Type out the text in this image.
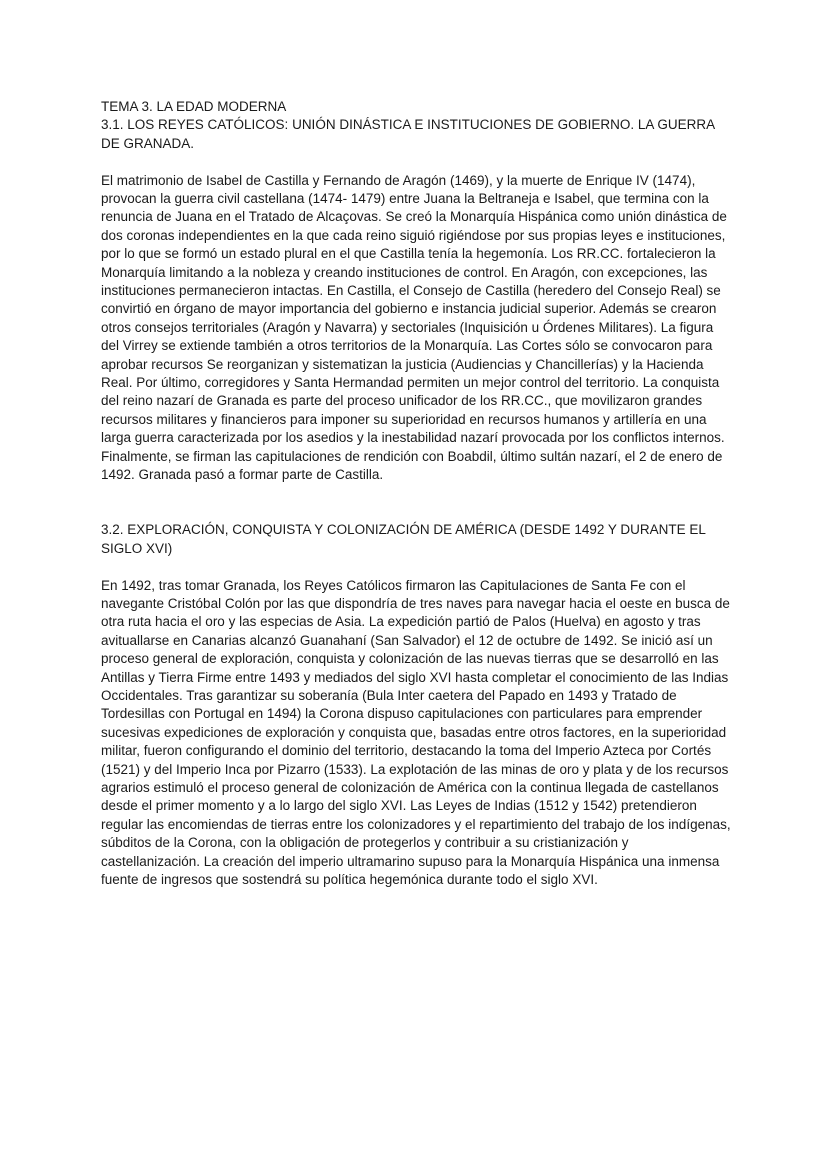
TEMA 3. LA EDAD MODERNA
3.1. LOS REYES CATÓLICOS: UNIÓN DINÁSTICA E INSTITUCIONES DE GOBIERNO. LA GUERRA DE GRANADA.

El matrimonio de Isabel de Castilla y Fernando de Aragón (1469), y la muerte de Enrique IV (1474), provocan la guerra civil castellana (1474- 1479) entre Juana la Beltraneja e Isabel, que termina con la renuncia de Juana en el Tratado de Alcaçovas. Se creó la Monarquía Hispánica como unión dinástica de dos coronas independientes en la que cada reino siguió rigiéndose por sus propias leyes e instituciones, por lo que se formó un estado plural en el que Castilla tenía la hegemonía. Los RR.CC. fortalecieron la Monarquía limitando a la nobleza y creando instituciones de control. En Aragón, con excepciones, las instituciones permanecieron intactas. En Castilla, el Consejo de Castilla (heredero del Consejo Real) se convirtió en órgano de mayor importancia del gobierno e instancia judicial superior. Además se crearon otros consejos territoriales (Aragón y Navarra) y sectoriales (Inquisición u Órdenes Militares). La figura del Virrey se extiende también a otros territorios de la Monarquía. Las Cortes sólo se convocaron para aprobar recursos Se reorganizan y sistematizan la justicia (Audiencias y Chancillerías) y la Hacienda Real. Por último, corregidores y Santa Hermandad permiten un mejor control del territorio. La conquista del reino nazarí de Granada es parte del proceso unificador de los RR.CC., que movilizaron grandes recursos militares y financieros para imponer su superioridad en recursos humanos y artillería en una larga guerra caracterizada por los asedios y la inestabilidad nazarí provocada por los conflictos internos. Finalmente, se firman las capitulaciones de rendición con Boabdil, último sultán nazarí, el 2 de enero de 1492. Granada pasó a formar parte de Castilla.

3.2. EXPLORACIÓN, CONQUISTA Y COLONIZACIÓN DE AMÉRICA (DESDE 1492 Y DURANTE EL SIGLO XVI)

En 1492, tras tomar Granada, los Reyes Católicos firmaron las Capitulaciones de Santa Fe con el navegante Cristóbal Colón por las que dispondría de tres naves para navegar hacia el oeste en busca de otra ruta hacia el oro y las especias de Asia. La expedición partió de Palos (Huelva) en agosto y tras avituallarse en Canarias alcanzó Guanahaní (San Salvador) el 12 de octubre de 1492. Se inició así un proceso general de exploración, conquista y colonización de las nuevas tierras que se desarrolló en las Antillas y Tierra Firme entre 1493 y mediados del siglo XVI hasta completar el conocimiento de las Indias Occidentales. Tras garantizar su soberanía (Bula Inter caetera del Papado en 1493 y Tratado de Tordesillas con Portugal en 1494) la Corona dispuso capitulaciones con particulares para emprender sucesivas expediciones de exploración y conquista que, basadas entre otros factores, en la superioridad militar, fueron configurando el dominio del territorio, destacando la toma del Imperio Azteca por Cortés (1521) y del Imperio Inca por Pizarro (1533). La explotación de las minas de oro y plata y de los recursos agrarios estimuló el proceso general de colonización de América con la continua llegada de castellanos desde el primer momento y a lo largo del siglo XVI. Las Leyes de Indias (1512 y 1542) pretendieron regular las encomiendas de tierras entre los colonizadores y el repartimiento del trabajo de los indígenas, súbditos de la Corona, con la obligación de protegerlos y contribuir a su cristianización y castellanización. La creación del imperio ultramarino supuso para la Monarquía Hispánica una inmensa fuente de ingresos que sostendrá su política hegemónica durante todo el siglo XVI.
